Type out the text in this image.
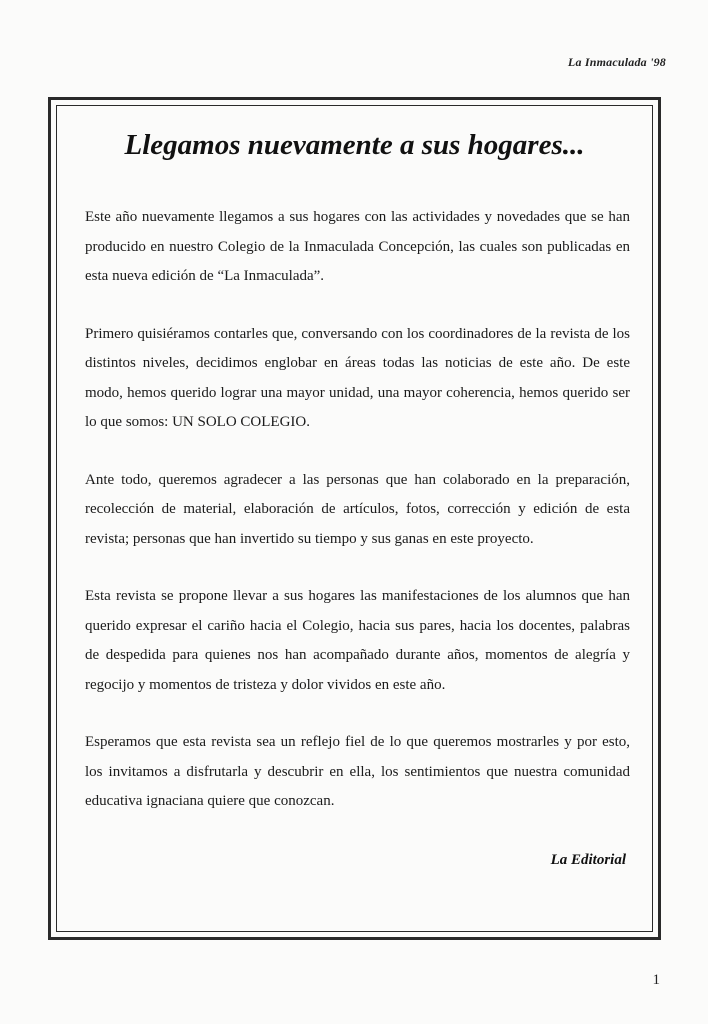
La Inmaculada '98
Llegamos nuevamente a sus hogares...

Este año nuevamente llegamos a sus hogares con las actividades y novedades que se han producido en nuestro Colegio de la Inmaculada Concepción, las cuales son publicadas en esta nueva edición de “La Inmaculada”.

Primero quisiéramos contarles que, conversando con los coordinadores de la revista de los distintos niveles, decidimos englobar en áreas todas las noticias de este año. De este modo, hemos querido lograr una mayor unidad, una mayor coherencia, hemos querido ser lo que somos: UN SOLO COLEGIO.

Ante todo, queremos agradecer a las personas que han colaborado en la preparación, recolección de material, elaboración de artículos, fotos, corrección y edición de esta revista; personas que han invertido su tiempo y sus ganas en este proyecto.

Esta revista se propone llevar a sus hogares las manifestaciones de los alumnos que han querido expresar el cariño hacia el Colegio, hacia sus pares, hacia los docentes, palabras de despedida para quienes nos han acompañado durante años, momentos de alegría y regocijo y momentos de tristeza y dolor vividos en este año.

Esperamos que esta revista sea un reflejo fiel de lo que queremos mostrarles y por esto, los invitamos a disfrutarla y descubrir en ella, los sentimientos que nuestra comunidad educativa ignaciana quiere que conozcan.

La Editorial
1
